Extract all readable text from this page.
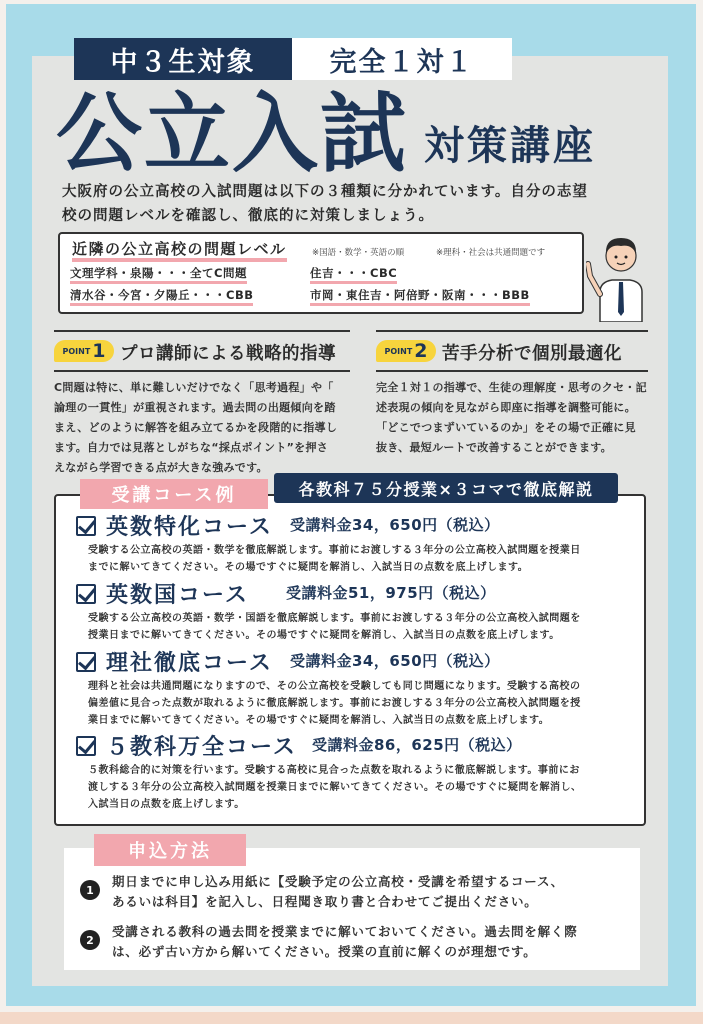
中３生対象	完全１対１
公立入試 対策講座
大阪府の公立高校の入試問題は以下の３種類に分かれています。自分の志望
校の問題レベルを確認し、徹底的に対策しましょう。
近隣の公立高校の問題レベル	※国語・数学・英語の順	※理科・社会は共通問題です
文理学科・泉陽・・・全てC問題	住吉・・・CBC
清水谷・今宮・夕陽丘・・・CBB	市岡・東住吉・阿倍野・阪南・・・BBB
POINT 1 プロ講師による戦略的指導
C問題は特に、単に難しいだけでなく「思考過程」や「
論理の一貫性」が重視されます。過去問の出題傾向を踏
まえ、どのように解答を組み立てるかを段階的に指導し
ます。自力では見落としがちな“採点ポイント”を押さ
えながら学習できる点が大きな強みです。
POINT 2 苦手分析で個別最適化
完全１対１の指導で、生徒の理解度・思考のクセ・記
述表現の傾向を見ながら即座に指導を調整可能に。
「どこでつまずいているのか」をその場で正確に見
抜き、最短ルートで改善することができます。
受講コース例	各教科７５分授業×３コマで徹底解説
英数特化コース 受講料金34，650円（税込）
受験する公立高校の英語・数学を徹底解説します。事前にお渡しする３年分の公立高校入試問題を授業日
までに解いてきてください。その場ですぐに疑問を解消し、入試当日の点数を底上げします。
英数国コース 受講料金51，975円（税込）
受験する公立高校の英語・数学・国語を徹底解説します。事前にお渡しする３年分の公立高校入試問題を
授業日までに解いてきてください。その場ですぐに疑問を解消し、入試当日の点数を底上げします。
理社徹底コース 受講料金34，650円（税込）
理科と社会は共通問題になりますので、その公立高校を受験しても同じ問題になります。受験する高校の
偏差値に見合った点数が取れるように徹底解説します。事前にお渡しする３年分の公立高校入試問題を授
業日までに解いてきてください。その場ですぐに疑問を解消し、入試当日の点数を底上げします。
５教科万全コース 受講料金86，625円（税込）
５教科総合的に対策を行います。受験する高校に見合った点数を取れるように徹底解説します。事前にお
渡しする３年分の公立高校入試問題を授業日までに解いてきてください。その場ですぐに疑問を解消し、
入試当日の点数を底上げします。
申込方法
1
期日までに申し込み用紙に【受験予定の公立高校・受講を希望するコース、
あるいは科目】を記入し、日程聞き取り書と合わせてご提出ください。
2
受講される教科の過去問を授業までに解いておいてください。過去問を解く際
は、必ず古い方から解いてください。授業の直前に解くのが理想です。
